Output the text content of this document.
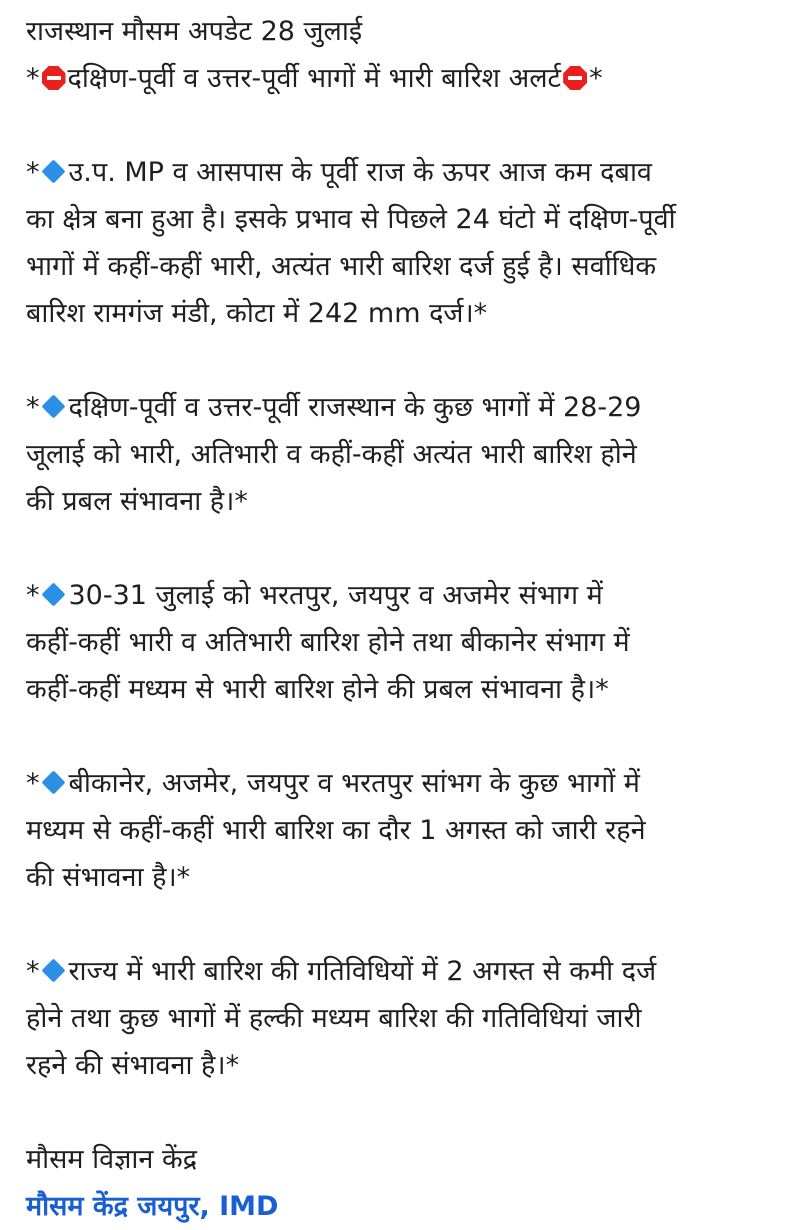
राजस्थान मौसम अपडेट 28 जुलाई
* दक्षिण-पूर्वी व उत्तर-पूर्वी भागों में भारी बारिश अलर्ट *
* उ.प. MP व आसपास के पूर्वी राज के ऊपर आज कम दबाव
का क्षेत्र बना हुआ है। इसके प्रभाव से पिछले 24 घंटो में दक्षिण-पूर्वी
भागों में कहीं-कहीं भारी, अत्यंत भारी बारिश दर्ज हुई है। सर्वाधिक
बारिश रामगंज मंडी, कोटा में 242 mm दर्ज।*
* दक्षिण-पूर्वी व उत्तर-पूर्वी राजस्थान के कुछ भागों में 28-29
जूलाई को भारी, अतिभारी व कहीं-कहीं अत्यंत भारी बारिश होने
की प्रबल संभावना है।*
* 30-31 जुलाई को भरतपुर, जयपुर व अजमेर संभाग में
कहीं-कहीं भारी व अतिभारी बारिश होने तथा बीकानेर संभाग में
कहीं-कहीं मध्यम से भारी बारिश होने की प्रबल संभावना है।*
* बीकानेर, अजमेर, जयपुर व भरतपुर सांभग के कुछ भागों में
मध्यम से कहीं-कहीं भारी बारिश का दौर 1 अगस्त को जारी रहने
की संभावना है।*
* राज्य में भारी बारिश की गतिविधियों में 2 अगस्त से कमी दर्ज
होने तथा कुछ भागों में हल्की मध्यम बारिश की गतिविधियां जारी
रहने की संभावना है।*
मौसम विज्ञान केंद्र
मौसम केंद्र जयपुर, IMD
